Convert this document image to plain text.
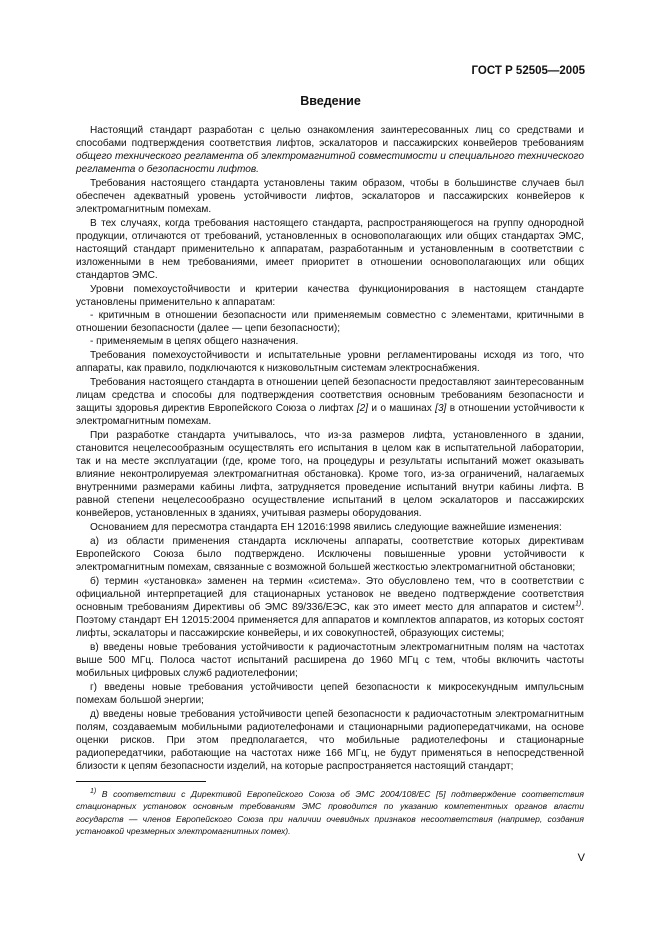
ГОСТ Р 52505—2005
Введение

Настоящий стандарт разработан с целью ознакомления заинтересованных лиц со средствами и способами подтверждения соответствия лифтов, эскалаторов и пассажирских конвейеров требованиям общего технического регламента об электромагнитной совместимости и специального технического регламента о безопасности лифтов.

Требования настоящего стандарта установлены таким образом, чтобы в большинстве случаев был обеспечен адекватный уровень устойчивости лифтов, эскалаторов и пассажирских конвейеров к электромагнитным помехам.

В тех случаях, когда требования настоящего стандарта, распространяющегося на группу однородной продукции, отличаются от требований, установленных в основополагающих или общих стандартах ЭМС, настоящий стандарт применительно к аппаратам, разработанным и установленным в соответствии с изложенными в нем требованиями, имеет приоритет в отношении основополагающих или общих стандартов ЭМС.

Уровни помехоустойчивости и критерии качества функционирования в настоящем стандарте установлены применительно к аппаратам:

- критичным в отношении безопасности или применяемым совместно с элементами, критичными в отношении безопасности (далее — цепи безопасности);

- применяемым в цепях общего назначения.

Требования помехоустойчивости и испытательные уровни регламентированы исходя из того, что аппараты, как правило, подключаются к низковольтным системам электроснабжения.

Требования настоящего стандарта в отношении цепей безопасности предоставляют заинтересованным лицам средства и способы для подтверждения соответствия основным требованиям безопасности и защиты здоровья директив Европейского Союза о лифтах [2] и о машинах [3] в отношении устойчивости к электромагнитным помехам.

При разработке стандарта учитывалось, что из-за размеров лифта, установленного в здании, становится нецелесообразным осуществлять его испытания в целом как в испытательной лаборатории, так и на месте эксплуатации (где, кроме того, на процедуры и результаты испытаний может оказывать влияние неконтролируемая электромагнитная обстановка). Кроме того, из-за ограничений, налагаемых внутренними размерами кабины лифта, затрудняется проведение испытаний внутри кабины лифта. В равной степени нецелесообразно осуществление испытаний в целом эскалаторов и пассажирских конвейеров, установленных в зданиях, учитывая размеры оборудования.

Основанием для пересмотра стандарта ЕН 12016:1998 явились следующие важнейшие изменения:

а) из области применения стандарта исключены аппараты, соответствие которых директивам Европейского Союза было подтверждено. Исключены повышенные уровни устойчивости к электромагнитным помехам, связанные с возможной большей жесткостью электромагнитной обстановки;

б) термин «установка» заменен на термин «система». Это обусловлено тем, что в соответствии с официальной интерпретацией для стационарных установок не введено подтверждение соответствия основным требованиям Директивы об ЭМС 89/336/ЕЭС, как это имеет место для аппаратов и систем$^{1)}$. Поэтому стандарт ЕН 12015:2004 применяется для аппаратов и комплектов аппаратов, из которых состоят лифты, эскалаторы и пассажирские конвейеры, и их совокупностей, образующих системы;

в) введены новые требования устойчивости к радиочастотным электромагнитным полям на частотах выше 500 МГц. Полоса частот испытаний расширена до 1960 МГц с тем, чтобы включить частоты мобильных цифровых служб радиотелефонии;

г) введены новые требования устойчивости цепей безопасности к микросекундным импульсным помехам большой энергии;

д) введены новые требования устойчивости цепей безопасности к радиочастотным электромагнитным полям, создаваемым мобильными радиотелефонами и стационарными радиопередатчиками, на основе оценки рисков. При этом предполагается, что мобильные радиотелефоны и стационарные радиопередатчики, работающие на частотах ниже 166 МГц, не будут применяться в непосредственной близости к цепям безопасности изделий, на которые распространяется настоящий стандарт;

$^{1)}$ В соответствии с Директивой Европейского Союза об ЭМС 2004/108/ЕС [5] подтверждение соответствия стационарных установок основным требованиям ЭМС проводится по указанию компетентных органов власти государств — членов Европейского Союза при наличии очевидных признаков несоответствия (например, создания установкой чрезмерных электромагнитных помех).

V
